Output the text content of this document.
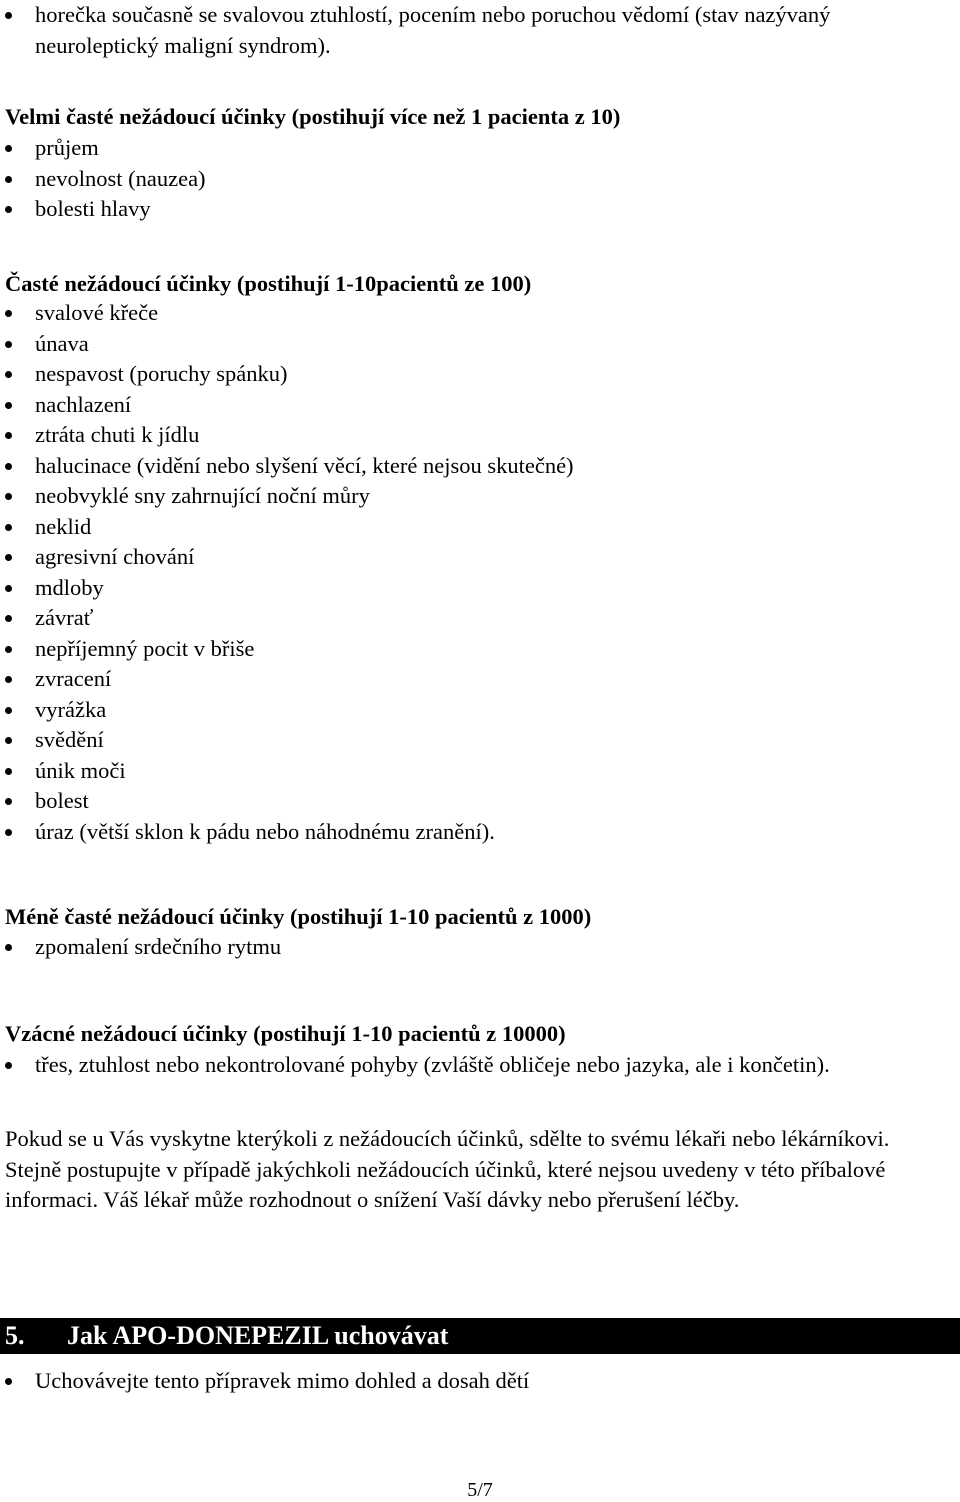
horečka současně se svalovou ztuhlostí, pocením nebo poruchou vědomí (stav nazývaný neuroleptický maligní syndrom).
Velmi časté nežádoucí účinky (postihují více než 1 pacienta z 10)
průjem
nevolnost (nauzea)
bolesti hlavy
Časté nežádoucí účinky (postihují 1-10pacientů ze 100)
svalové křeče
únava
nespavost (poruchy spánku)
nachlazení
ztráta chuti k jídlu
halucinace (vidění nebo slyšení věcí, které nejsou skutečné)
neobvyklé sny zahrnující noční můry
neklid
agresivní chování
mdloby
závrať
nepříjemný pocit v břiše
zvracení
vyrážka
svědění
únik moči
bolest
úraz (větší sklon k pádu nebo náhodnému zranění).
Méně časté nežádoucí účinky (postihují 1-10 pacientů z 1000)
zpomalení srdečního rytmu
Vzácné nežádoucí účinky (postihují 1-10 pacientů z 10000)
třes, ztuhlost nebo nekontrolované pohyby (zvláště obličeje nebo jazyka, ale i končetin).
Pokud se u Vás vyskytne kterýkoli z nežádoucích účinků, sdělte to svému lékaři nebo lékárníkovi. Stejně postupujte v případě jakýchkoli nežádoucích účinků, které nejsou uvedeny v této příbalové informaci. Váš lékař může rozhodnout o snížení Vaší dávky nebo přerušení léčby.
5. Jak APO-DONEPEZIL uchovávat
Uchovávejte tento přípravek mimo dohled a dosah dětí
5/7
